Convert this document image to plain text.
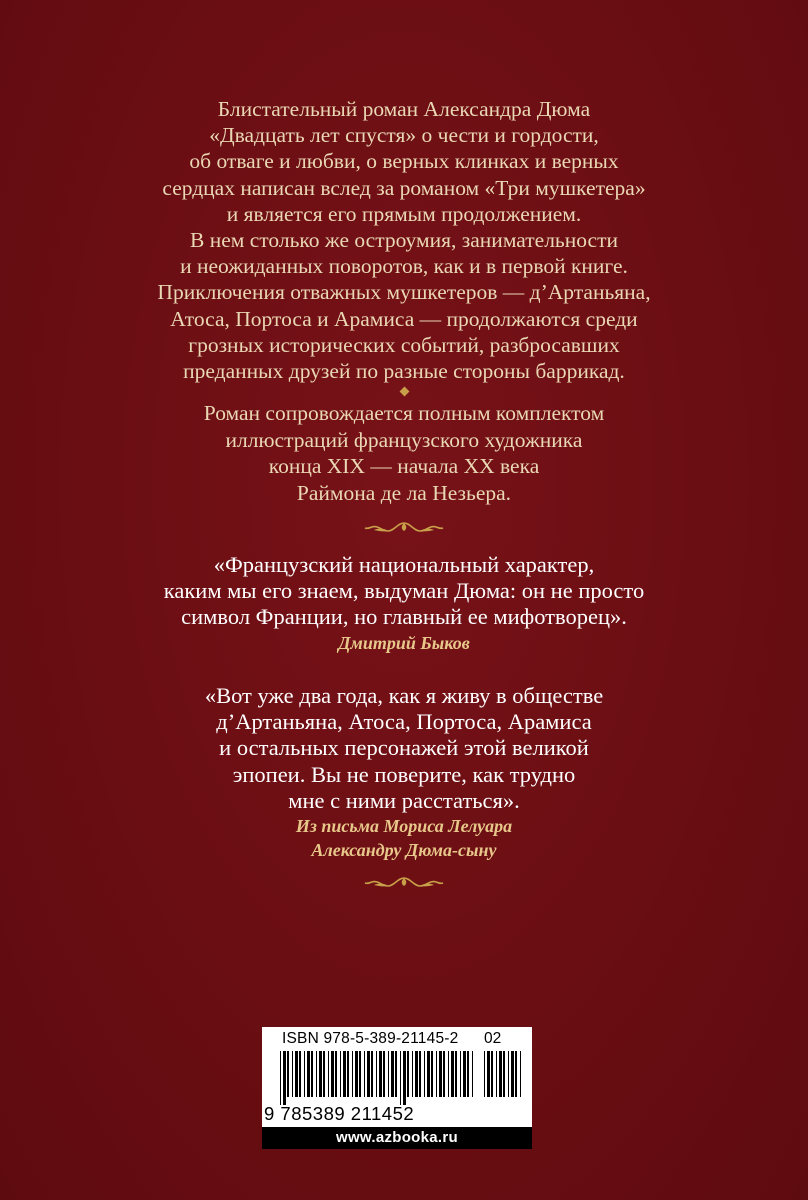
Блистательный роман Александра Дюма
«Двадцать лет спустя» о чести и гордости,
об отваге и любви, о верных клинках и верных
сердцах написан вслед за романом «Три мушкетера»
и является его прямым продолжением.
В нем столько же остроумия, занимательности
и неожиданных поворотов, как и в первой книге.
Приключения отважных мушкетеров — д’Артаньяна,
Атоса, Портоса и Арамиса — продолжаются среди
грозных исторических событий, разбросавших
преданных друзей по разные стороны баррикад.
Роман сопровождается полным комплектом
иллюстраций французского художника
конца XIX — начала XX века
Раймона де ла Незьера.
«Французский национальный характер,
каким мы его знаем, выдуман Дюма: он не просто
символ Франции, но главный ее мифотворец».
Дмитрий Быков
«Вот уже два года, как я живу в обществе
д’Артаньяна, Атоса, Портоса, Арамиса
и остальных персонажей этой великой
эпопеи. Вы не поверите, как трудно
мне с ними расстаться».
Из письма Мориса Лелуара
Александру Дюма-сыну
ISBN 978-5-389-21145-2 02
9 785389 211452
www.azbooka.ru
